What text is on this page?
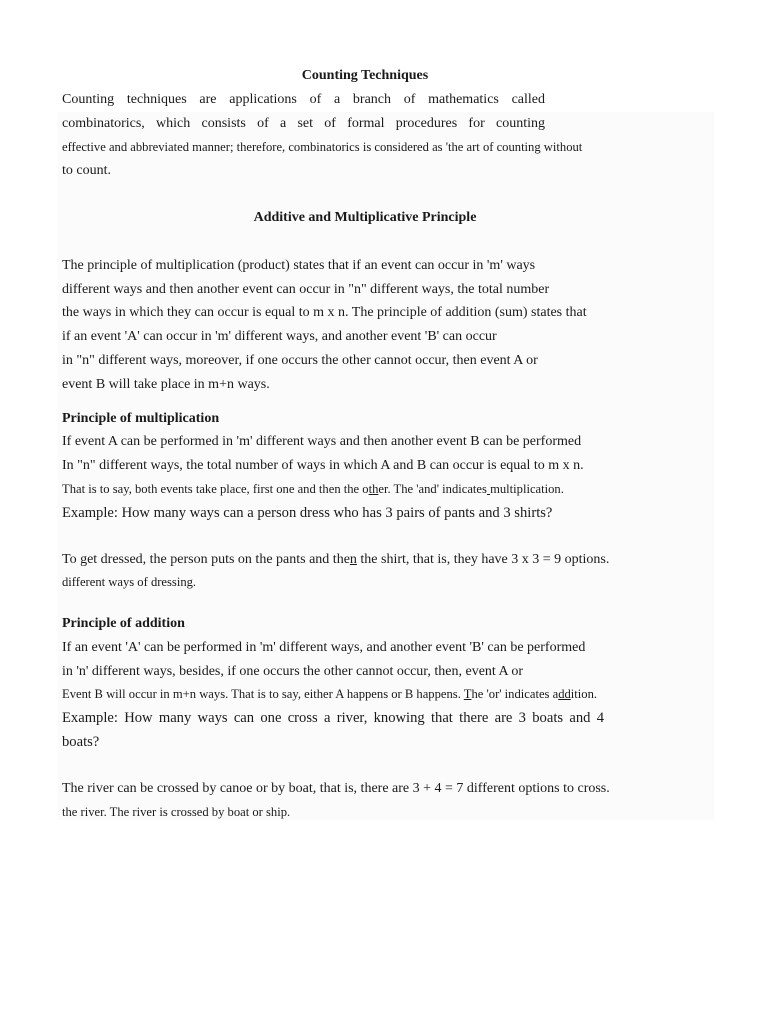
Counting Techniques
Counting techniques are applications of a branch of mathematics called
combinatorics, which consists of a set of formal procedures for counting
effective and abbreviated manner; therefore, combinatorics is considered as 'the art of counting without
to count.
Additive and Multiplicative Principle
The principle of multiplication (product) states that if an event can occur in 'm' ways
different ways and then another event can occur in "n" different ways, the total number
the ways in which they can occur is equal to m x n. The principle of addition (sum) states that
if an event 'A' can occur in 'm' different ways, and another event 'B' can occur
in "n" different ways, moreover, if one occurs the other cannot occur, then event A or
event B will take place in m+n ways.
Principle of multiplication
If event A can be performed in 'm' different ways and then another event B can be performed
In "n" different ways, the total number of ways in which A and B can occur is equal to m x n.
That is to say, both events take place, first one and then the other. The 'and' indicates multiplication.
Example: How many ways can a person dress who has 3 pairs of pants and 3 shirts?
To get dressed, the person puts on the pants and then the shirt, that is, they have 3 x 3 = 9 options.
different ways of dressing.
Principle of addition
If an event 'A' can be performed in 'm' different ways, and another event 'B' can be performed
in 'n' different ways, besides, if one occurs the other cannot occur, then, event A or
Event B will occur in m+n ways. That is to say, either A happens or B happens. The 'or' indicates addition.
Example: How many ways can one cross a river, knowing that there are 3 boats and 4
boats?
The river can be crossed by canoe or by boat, that is, there are 3 + 4 = 7 different options to cross.
the river. The river is crossed by boat or ship.
